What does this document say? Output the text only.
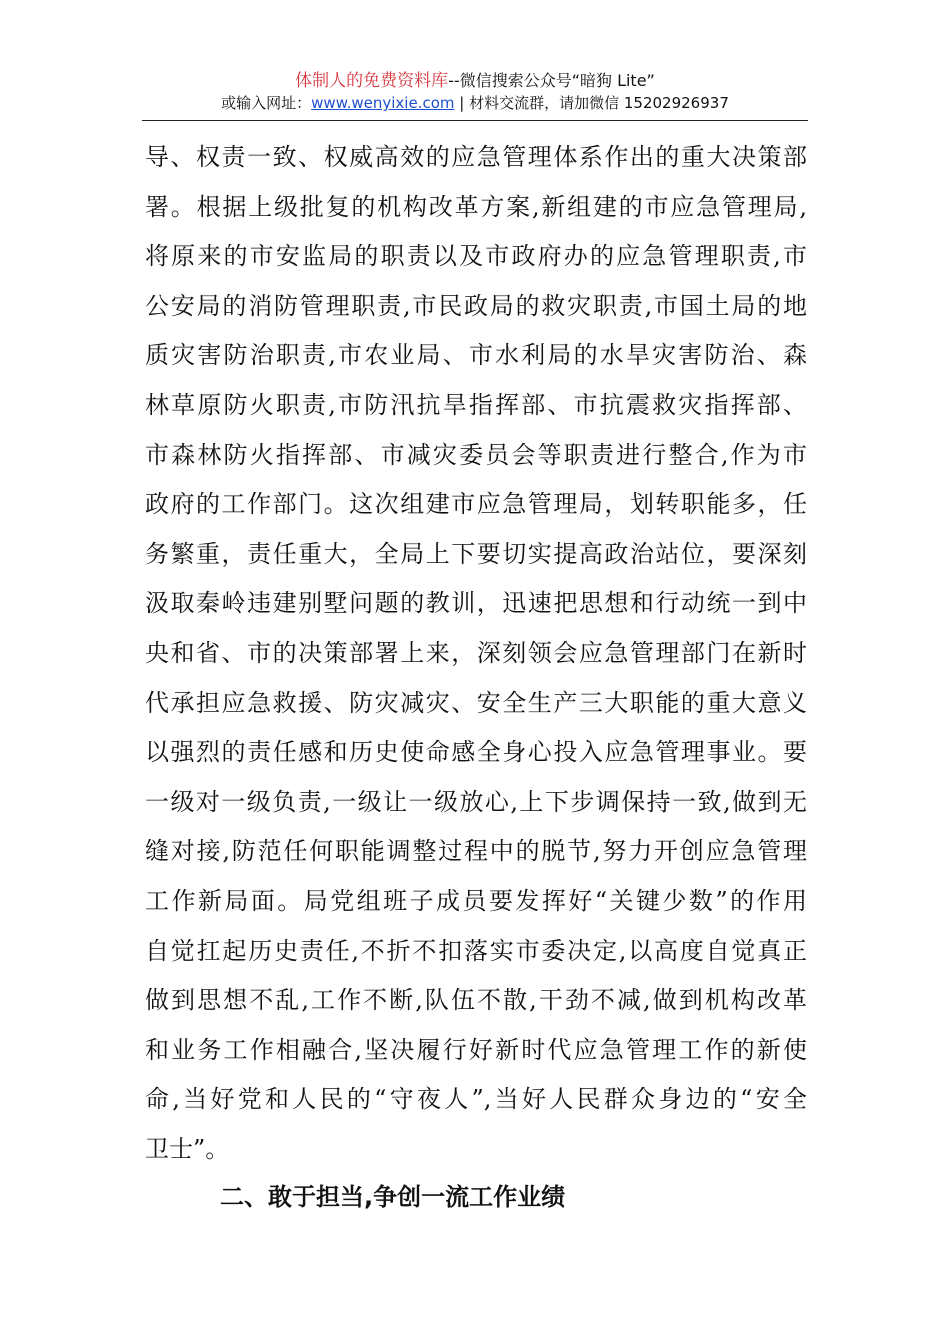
体制人的免费资料库--微信搜索公众号“暗狗 Lite”
或输入网址：www.wenyixie.com | 材料交流群，请加微信 15202926937
导、权责一致、权威高效的应急管理体系作出的重大决策部
署。根据上级批复的机构改革方案,新组建的市应急管理局,
将原来的市安监局的职责以及市政府办的应急管理职责,市
公安局的消防管理职责,市民政局的救灾职责,市国土局的地
质灾害防治职责,市农业局、市水利局的水旱灾害防治、森
林草原防火职责,市防汛抗旱指挥部、市抗震救灾指挥部、
市森林防火指挥部、市减灾委员会等职责进行整合,作为市
政府的工作部门。这次组建市应急管理局，划转职能多，任
务繁重，责任重大，全局上下要切实提高政治站位，要深刻
汲取秦岭违建别墅问题的教训，迅速把思想和行动统一到中
央和省、市的决策部署上来，深刻领会应急管理部门在新时
代承担应急救援、防灾减灾、安全生产三大职能的重大意义
以强烈的责任感和历史使命感全身心投入应急管理事业。要
一级对一级负责,一级让一级放心,上下步调保持一致,做到无
缝对接,防范任何职能调整过程中的脱节,努力开创应急管理
工作新局面。局党组班子成员要发挥好“关键少数”的作用
自觉扛起历史责任,不折不扣落实市委决定,以高度自觉真正
做到思想不乱,工作不断,队伍不散,干劲不减,做到机构改革
和业务工作相融合,坚决履行好新时代应急管理工作的新使
命,当好党和人民的“守夜人”,当好人民群众身边的“安全
卫士”。
二、敢于担当,争创一流工作业绩
